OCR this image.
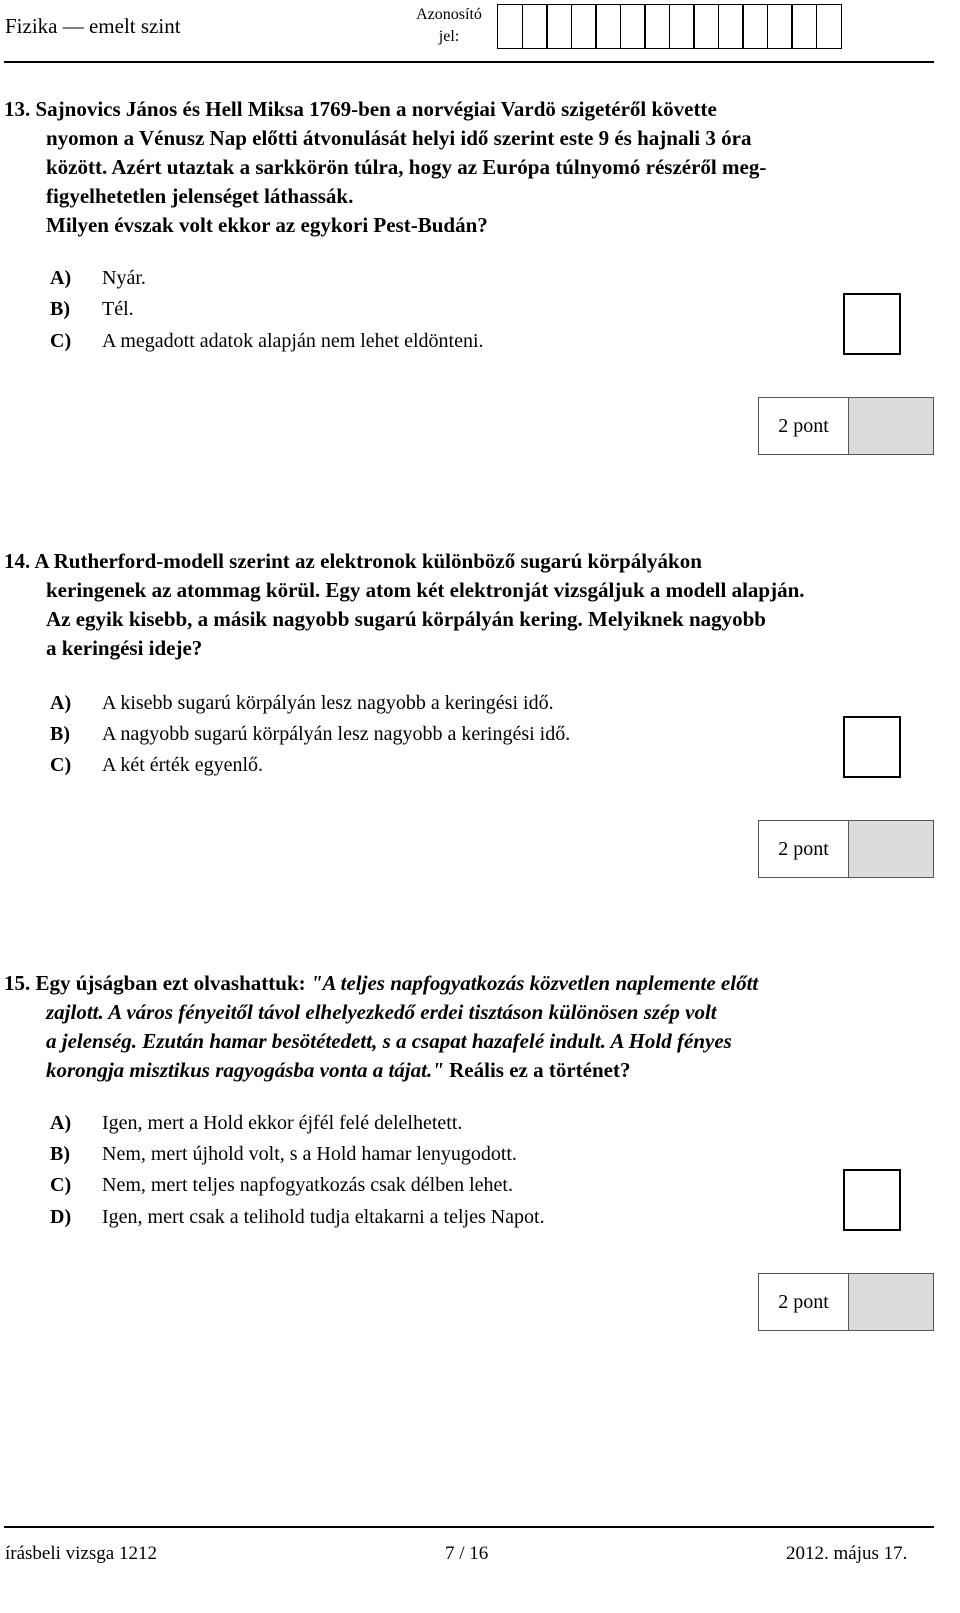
Fizika — emelt szint	Azonosító
jel:
13. Sajnovics János és Hell Miksa 1769-ben a norvégiai Vardö szigetéről követte
nyomon a Vénusz Nap előtti átvonulását helyi idő szerint este 9 és hajnali 3 óra
között. Azért utaztak a sarkkörön túlra, hogy az Európa túlnyomó részéről meg-
figyelhetetlen jelenséget láthassák.
Milyen évszak volt ekkor az egykori Pest-Budán?
A)	Nyár.
B)	Tél.
C)	A megadott adatok alapján nem lehet eldönteni.
2 pont
14. A Rutherford-modell szerint az elektronok különböző sugarú körpályákon
keringenek az atommag körül. Egy atom két elektronját vizsgáljuk a modell alapján.
Az egyik kisebb, a másik nagyobb sugarú körpályán kering. Melyiknek nagyobb
a keringési ideje?
A)	A kisebb sugarú körpályán lesz nagyobb a keringési idő.
B)	A nagyobb sugarú körpályán lesz nagyobb a keringési idő.
C)	A két érték egyenlő.
2 pont
15. Egy újságban ezt olvashattuk: "A teljes napfogyatkozás közvetlen naplemente előtt
zajlott. A város fényeitől távol elhelyezkedő erdei tisztáson különösen szép volt
a jelenség. Ezután hamar besötétedett, s a csapat hazafelé indult. A Hold fényes
korongja misztikus ragyogásba vonta a tájat." Reális ez a történet?
A)	Igen, mert a Hold ekkor éjfél felé delelhetett.
B)	Nem, mert újhold volt, s a Hold hamar lenyugodott.
C)	Nem, mert teljes napfogyatkozás csak délben lehet.
D)	Igen, mert csak a telihold tudja eltakarni a teljes Napot.
2 pont
írásbeli vizsga 1212	7 / 16	2012. május 17.
